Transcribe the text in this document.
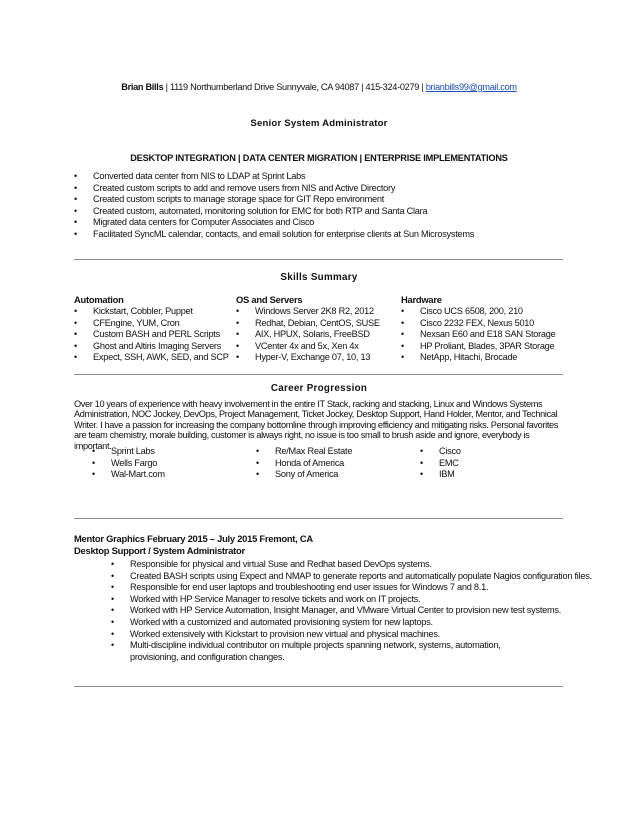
Brian Bills | 1119 Northumberland Drive Sunnyvale, CA 94087 | 415-324-0279 | brianbills99@gmail.com
Senior System Administrator
DESKTOP INTEGRATION | DATA CENTER MIGRATION | ENTERPRISE IMPLEMENTATIONS
• Converted data center from NIS to LDAP at Sprint Labs
• Created custom scripts to add and remove users from NIS and Active Directory
• Created custom scripts to manage storage space for GIT Repo environment
• Created custom, automated, monitoring solution for EMC for both RTP and Santa Clara
• Migrated data centers for Computer Associates and Cisco
• Facilitated SyncML calendar, contacts, and email solution for enterprise clients at Sun Microsystems
Skills Summary
Automation	OS and Servers	Hardware
• Kickstart, Cobbler, Puppet
• CFEngine, YUM, Cron
• Custom BASH and PERL Scripts
• Ghost and Altiris Imaging Servers
• Expect, SSH, AWK, SED, and SCP
• Windows Server 2K8 R2, 2012
• Redhat, Debian, CentOS, SUSE
• AIX, HPUX, Solaris, FreeBSD
• VCenter 4x and 5x, Xen 4x
• Hyper-V, Exchange 07, 10, 13
• Cisco UCS 6508, 200, 210
• Cisco 2232 FEX, Nexus 5010
• Nexsan E60 and E18 SAN Storage
• HP Proliant, Blades, 3PAR Storage
• NetApp, Hitachi, Brocade
Career Progression
Over 10 years of experience with heavy involvement in the entire IT Stack, racking and stacking, Linux and Windows Systems
Administration, NOC Jockey, DevOps, Project Management, Ticket Jockey, Desktop Support, Hand Holder, Mentor, and Technical
Writer. I have a passion for increasing the company bottomline through improving efficiency and mitigating risks. Personal favorites
are team chemistry, morale building, customer is always right, no issue is too small to brush aside and ignore, everybody is
important.
• Sprint Labs
• Wells Fargo
• Wal-Mart.com
• Re/Max Real Estate
• Honda of America
• Sony of America
• Cisco
• EMC
• IBM
Mentor Graphics February 2015 – July 2015 Fremont, CA
Desktop Support / System Administrator
• Responsible for physical and virtual Suse and Redhat based DevOps systems.
• Created BASH scripts using Expect and NMAP to generate reports and automatically populate Nagios configuration files.
• Responsible for end user laptops and troubleshooting end user issues for Windows 7 and 8.1.
• Worked with HP Service Manager to resolve tickets and work on IT projects.
• Worked with HP Service Automation, Insight Manager, and VMware Virtual Center to provision new test systems.
• Worked with a customized and automated provisioning system for new laptops.
• Worked extensively with Kickstart to provision new virtual and physical machines.
• Multi-discipline individual contributor on multiple projects spanning network, systems, automation, provisioning, and configuration changes.
